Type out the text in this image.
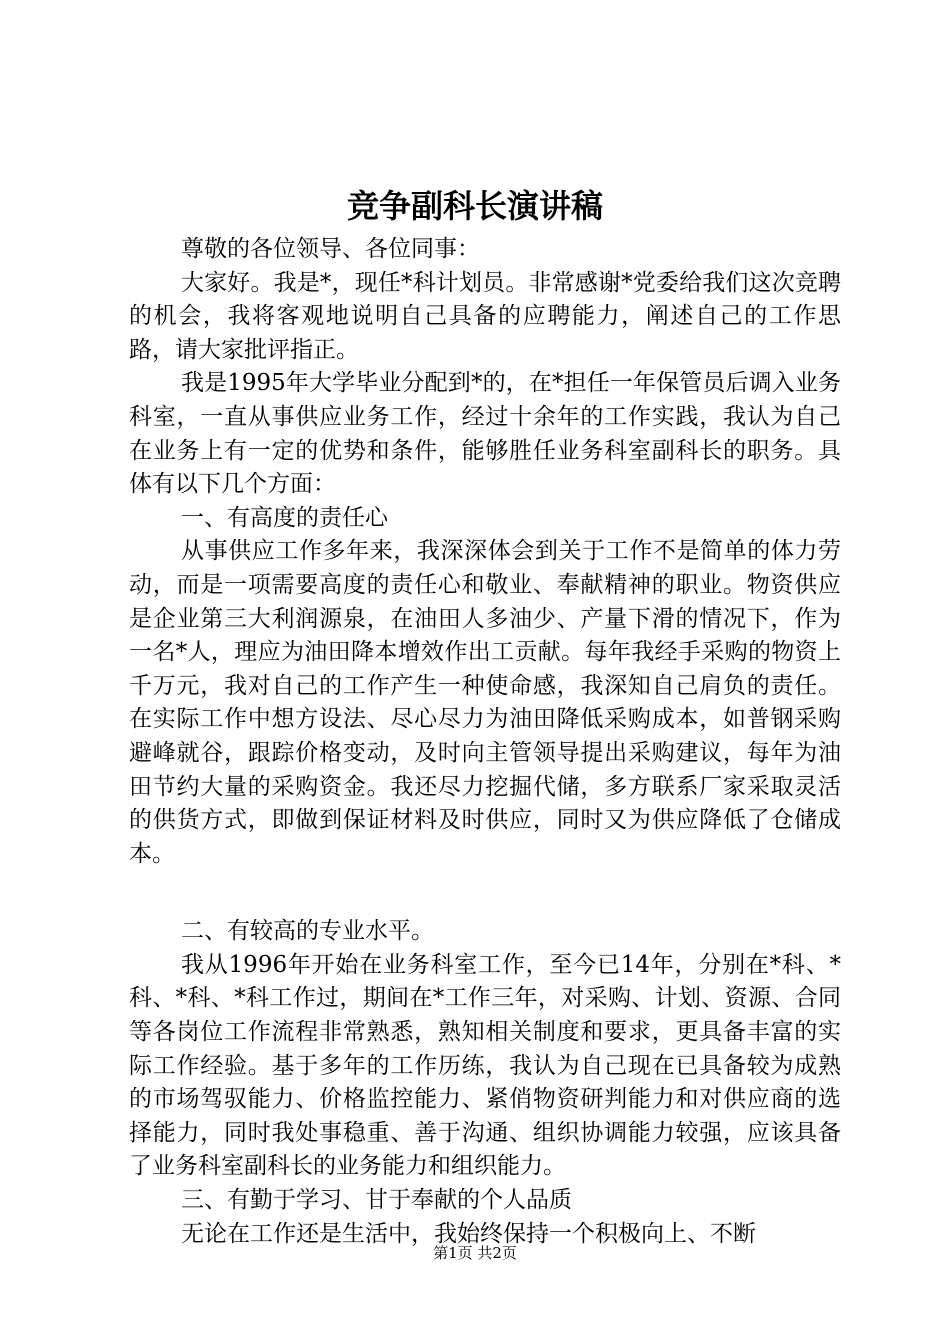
竞争副科长演讲稿

尊敬的各位领导、各位同事：

大家好。我是*，现任*科计划员。非常感谢*党委给我们这次竞聘的机会，我将客观地说明自己具备的应聘能力，阐述自己的工作思路，请大家批评指正。

我是1995年大学毕业分配到*的，在*担任一年保管员后调入业务科室，一直从事供应业务工作，经过十余年的工作实践，我认为自己在业务上有一定的优势和条件，能够胜任业务科室副科长的职务。具体有以下几个方面：

一、有高度的责任心

从事供应工作多年来，我深深体会到关于工作不是简单的体力劳动，而是一项需要高度的责任心和敬业、奉献精神的职业。物资供应是企业第三大利润源泉，在油田人多油少、产量下滑的情况下，作为一名*人，理应为油田降本增效作出工贡献。每年我经手采购的物资上千万元，我对自己的工作产生一种使命感，我深知自己肩负的责任。在实际工作中想方设法、尽心尽力为油田降低采购成本，如普钢采购避峰就谷，跟踪价格变动，及时向主管领导提出采购建议，每年为油田节约大量的采购资金。我还尽力挖掘代储，多方联系厂家采取灵活的供货方式，即做到保证材料及时供应，同时又为供应降低了仓储成本。

二、有较高的专业水平。

我从1996年开始在业务科室工作，至今已14年，分别在*科、*科、*科、*科工作过，期间在*工作三年，对采购、计划、资源、合同等各岗位工作流程非常熟悉，熟知相关制度和要求，更具备丰富的实际工作经验。基于多年的工作历练，我认为自己现在已具备较为成熟的市场驾驭能力、价格监控能力、紧俏物资研判能力和对供应商的选择能力，同时我处事稳重、善于沟通、组织协调能力较强，应该具备了业务科室副科长的业务能力和组织能力。

三、有勤于学习、甘于奉献的个人品质

无论在工作还是生活中，我始终保持一个积极向上、不断

第1页 共2页
